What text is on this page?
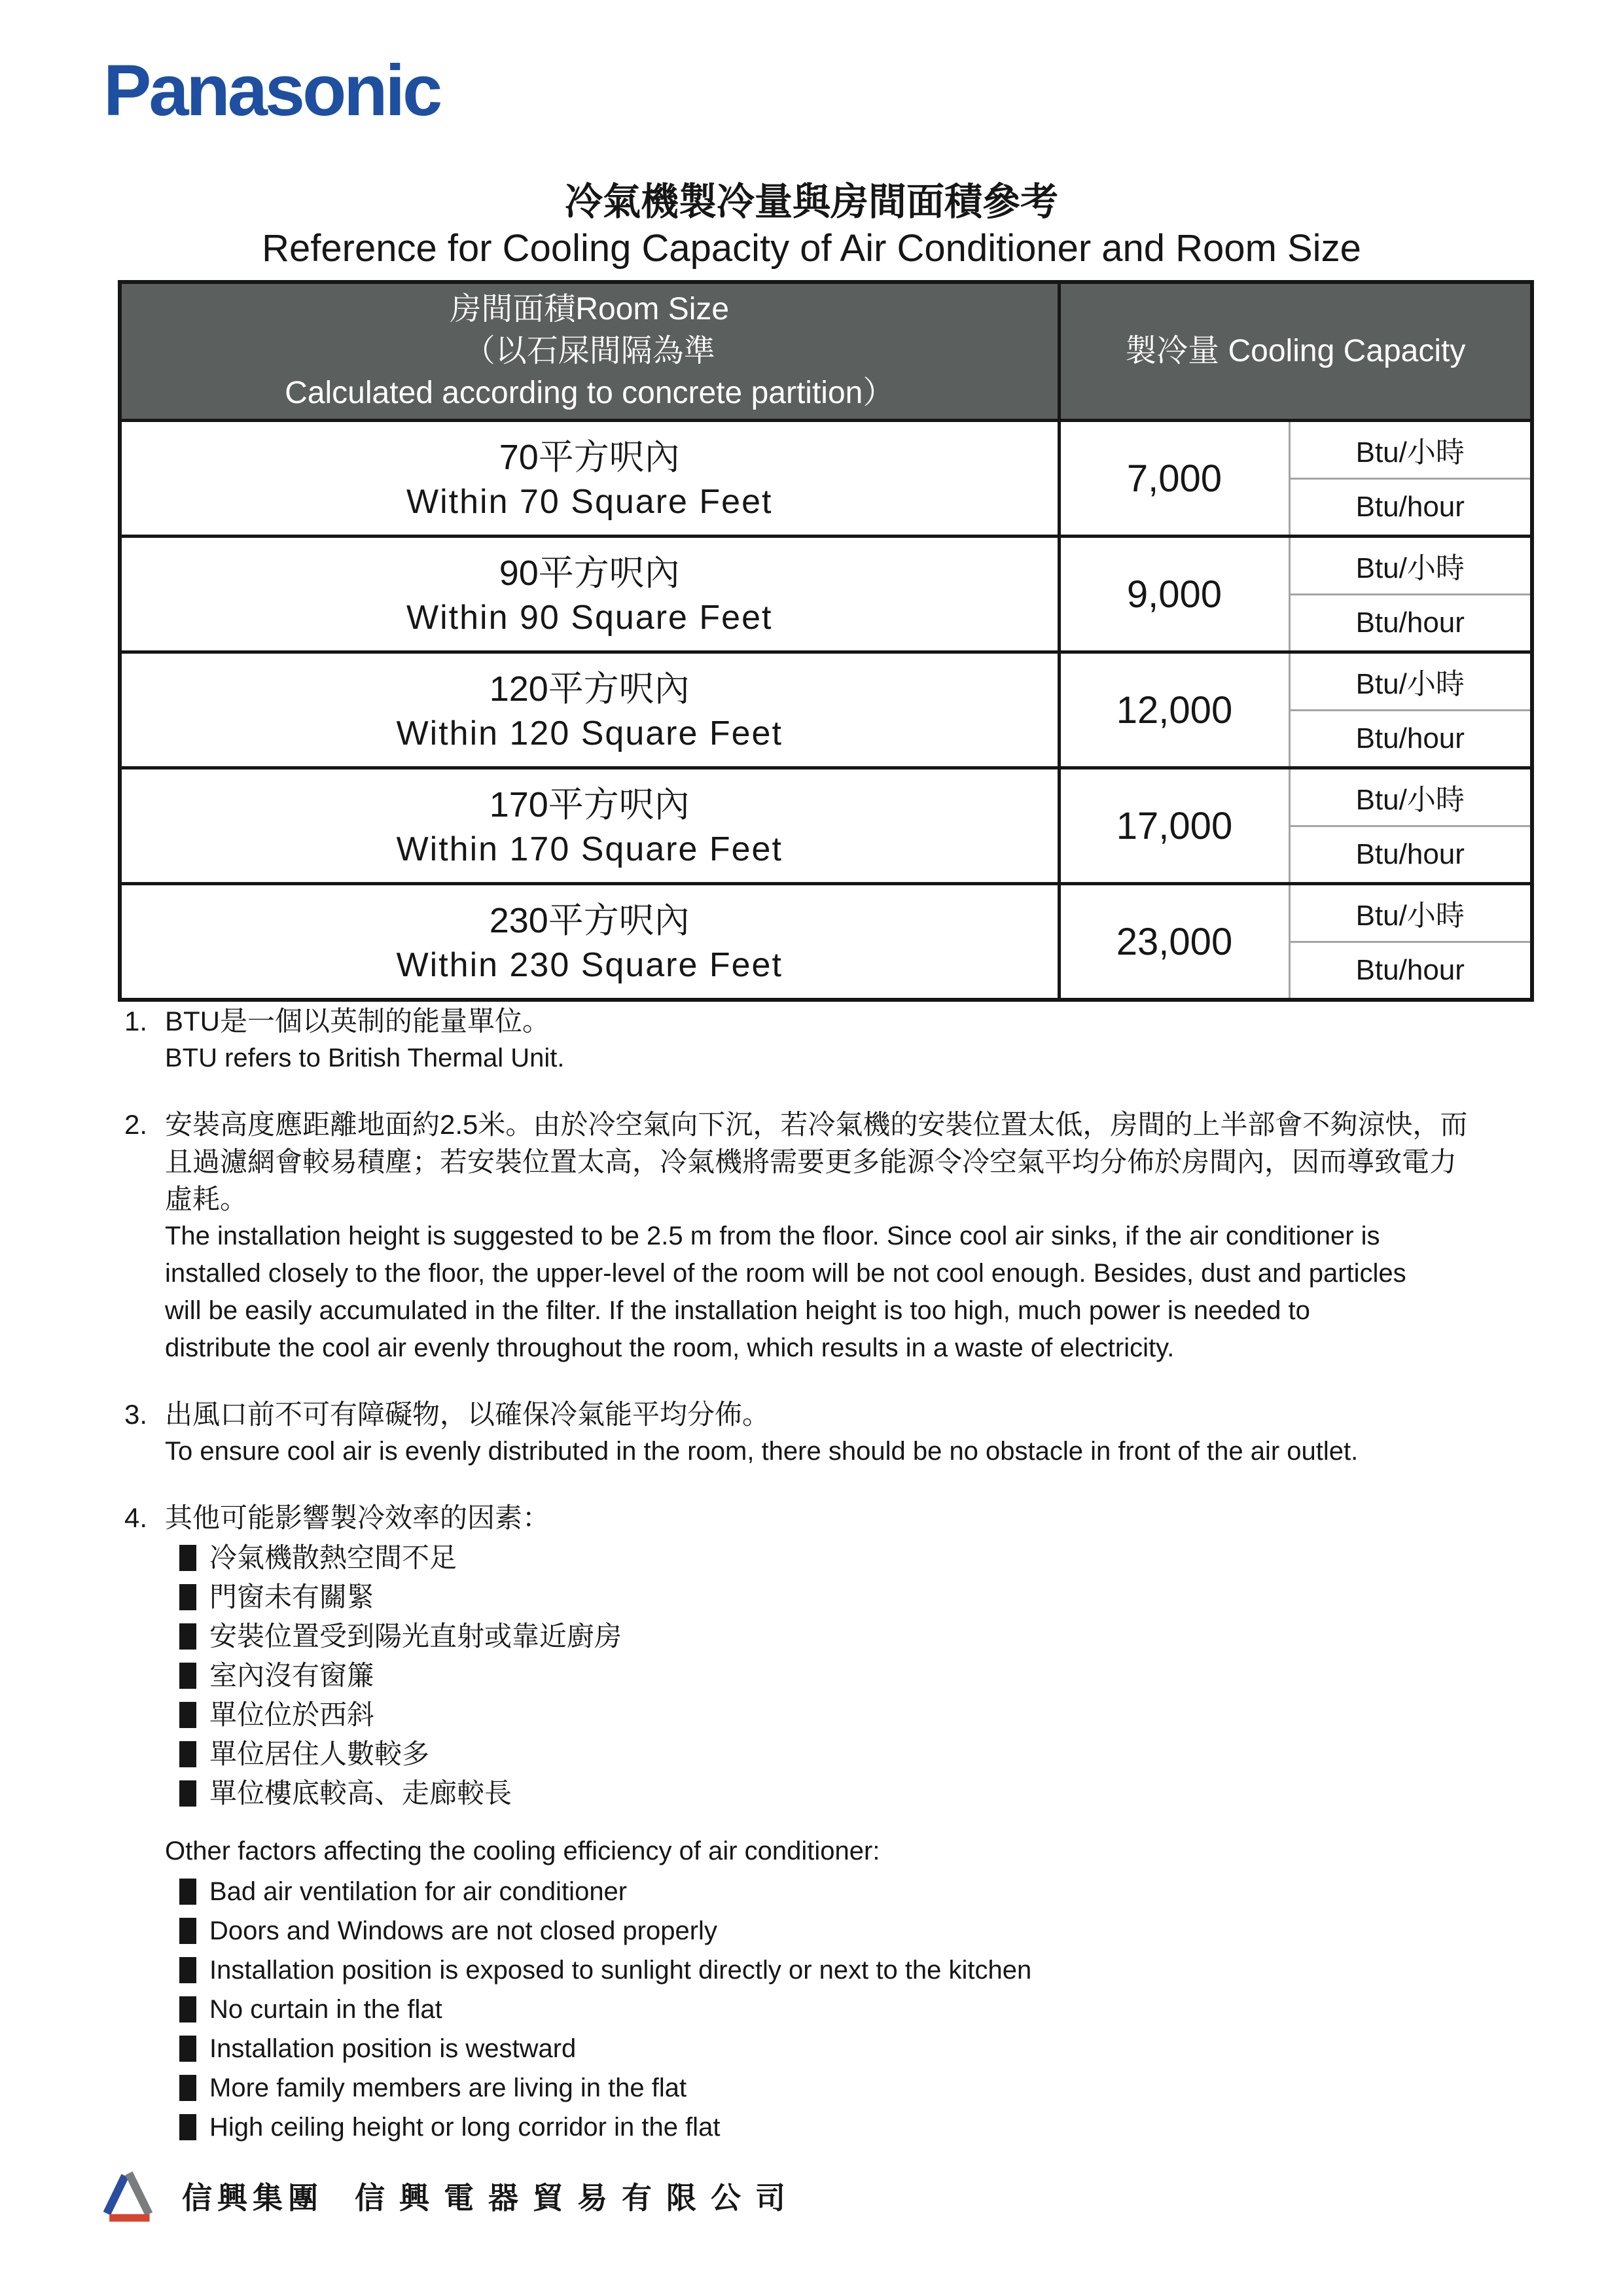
Panasonic
冷氣機製冷量與房間面積參考
Reference for Cooling Capacity of Air Conditioner and Room Size
房間面積Room Size
（以石屎間隔為準
Calculated according to concrete partition）	製冷量 Cooling Capacity	

70平方呎內
Within 70 Square Feet
	7,000	
Btu/小時
Btu/hour

90平方呎內
Within 90 Square Feet
	9,000	
Btu/小時
Btu/hour

120平方呎內
Within 120 Square Feet
	12,000	
Btu/小時
Btu/hour

170平方呎內
Within 170 Square Feet
	17,000	
Btu/小時
Btu/hour

230平方呎內
Within 230 Square Feet
	23,000	
Btu/小時
Btu/hour
1. BTU是一個以英制的能量單位。
BTU refers to British Thermal Unit.
2. 安裝高度應距離地面約2.5米。由於冷空氣向下沉，若冷氣機的安裝位置太低，房間的上半部會不夠涼快，而
且過濾網會較易積塵；若安裝位置太高，冷氣機將需要更多能源令冷空氣平均分佈於房間內，因而導致電力
虛耗。
The installation height is suggested to be 2.5 m from the floor. Since cool air sinks, if the air conditioner is
installed closely to the floor, the upper-level of the room will be not cool enough. Besides, dust and particles
will be easily accumulated in the filter. If the installation height is too high, much power is needed to
distribute the cool air evenly throughout the room, which results in a waste of electricity.
3. 出風口前不可有障礙物，以確保冷氣能平均分佈。
To ensure cool air is evenly distributed in the room, there should be no obstacle in front of the air outlet.
4. 其他可能影響製冷效率的因素：
冷氣機散熱空間不足
門窗未有關緊
安裝位置受到陽光直射或靠近廚房
室內沒有窗簾
單位位於西斜
單位居住人數較多
單位樓底較高、走廊較長
Other factors affecting the cooling efficiency of air conditioner:
Bad air ventilation for air conditioner
Doors and Windows are not closed properly
Installation position is exposed to sunlight directly or next to the kitchen
No curtain in the flat
Installation position is westward
More family members are living in the flat
High ceiling height or long corridor in the flat
信興集團 信興電器貿易有限公司
